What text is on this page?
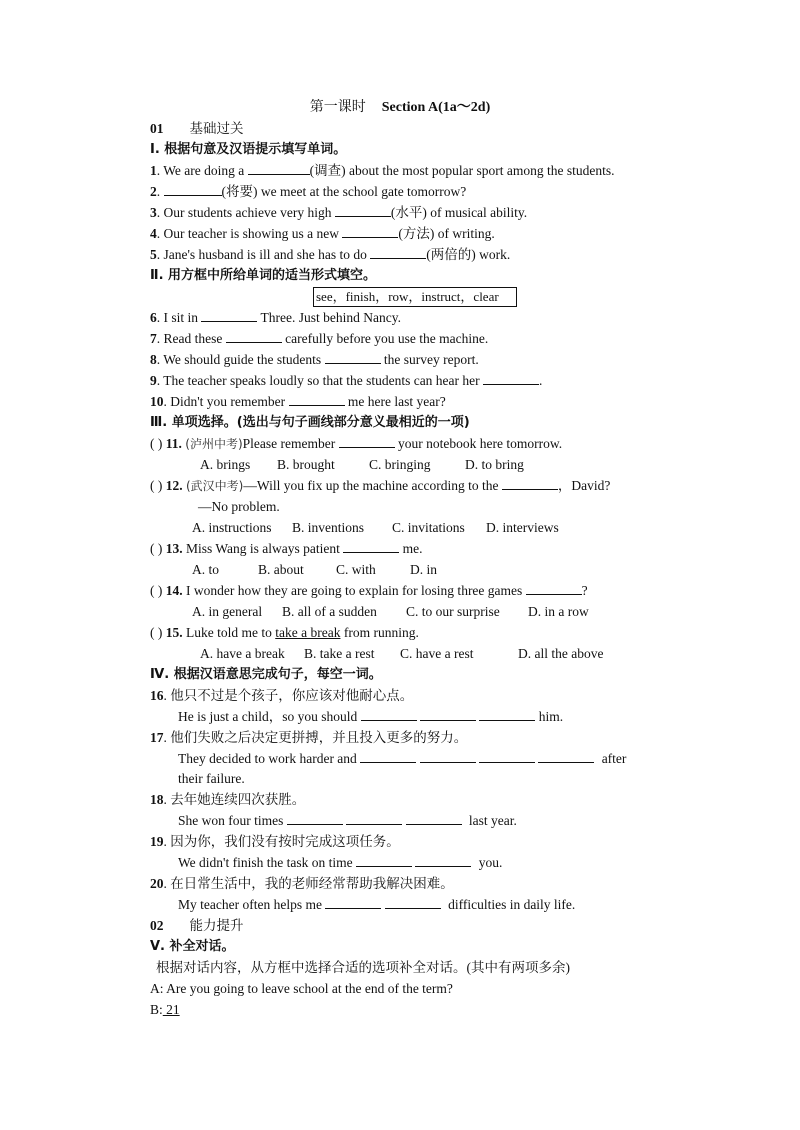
第一课时 Section A(1a～2d)
01 基础过关
Ⅰ. 根据句意及汉语提示填写单词。
1. We are doing a	(调查) about the most popular sport among the students.
2.	(将要) we meet at the school gate tomorrow?
3. Our students achieve very high	(水平) of musical ability.
4. Our teacher is showing us a new	(方法) of writing.
5. Jane's husband is ill and she has to do	(两倍的) work.
Ⅱ. 用方框中所给单词的适当形式填空。
see，finish，row，instruct，clear
6. I sit in	Three. Just behind Nancy.
7. Read these	carefully before you use the machine.
8. We should guide the students	the survey report.
9. The teacher speaks loudly so that the students can hear her	.
10. Didn't you remember	me here last year?
Ⅲ. 单项选择。(选出与句子画线部分意义最相近的一项)
( ) 11. (泸州中考)Please remember	your notebook here tomorrow.
A. brings B. brought	C. bringing	D. to bring
( ) 12. (武汉中考)—Will you fix up the machine according to the	，David?
—No problem.
A. instructions B. inventions C. invitations D. interviews
( ) 13. Miss Wang is always patient	me.
A. to	B. about C. with	D. in
( ) 14. I wonder how they are going to explain for losing three games	?
A. in general B. all of a sudden C. to our surprise D. in a row
( ) 15. Luke told me to take a break from running.
A. have a break B. take a rest C. have a rest	D. all the above
Ⅳ. 根据汉语意思完成句子，每空一词。
16. 他只不过是个孩子，你应该对他耐心点。
He is just a child，so you should	him.
17. 他们失败之后决定更拼搏，并且投入更多的努力。
They decided to work harder and	after
their failure.
18. 去年她连续四次获胜。
She won four times	last year.
19. 因为你，我们没有按时完成这项任务。
We didn't finish the task on time	you.
20. 在日常生活中，我的老师经常帮助我解决困难。
My teacher often helps me	difficulties in daily life.
02 能力提升
Ⅴ. 补全对话。
根据对话内容，从方框中选择合适的选项补全对话。(其中有两项多余)
A: Are you going to leave school at the end of the term?
B: 21
